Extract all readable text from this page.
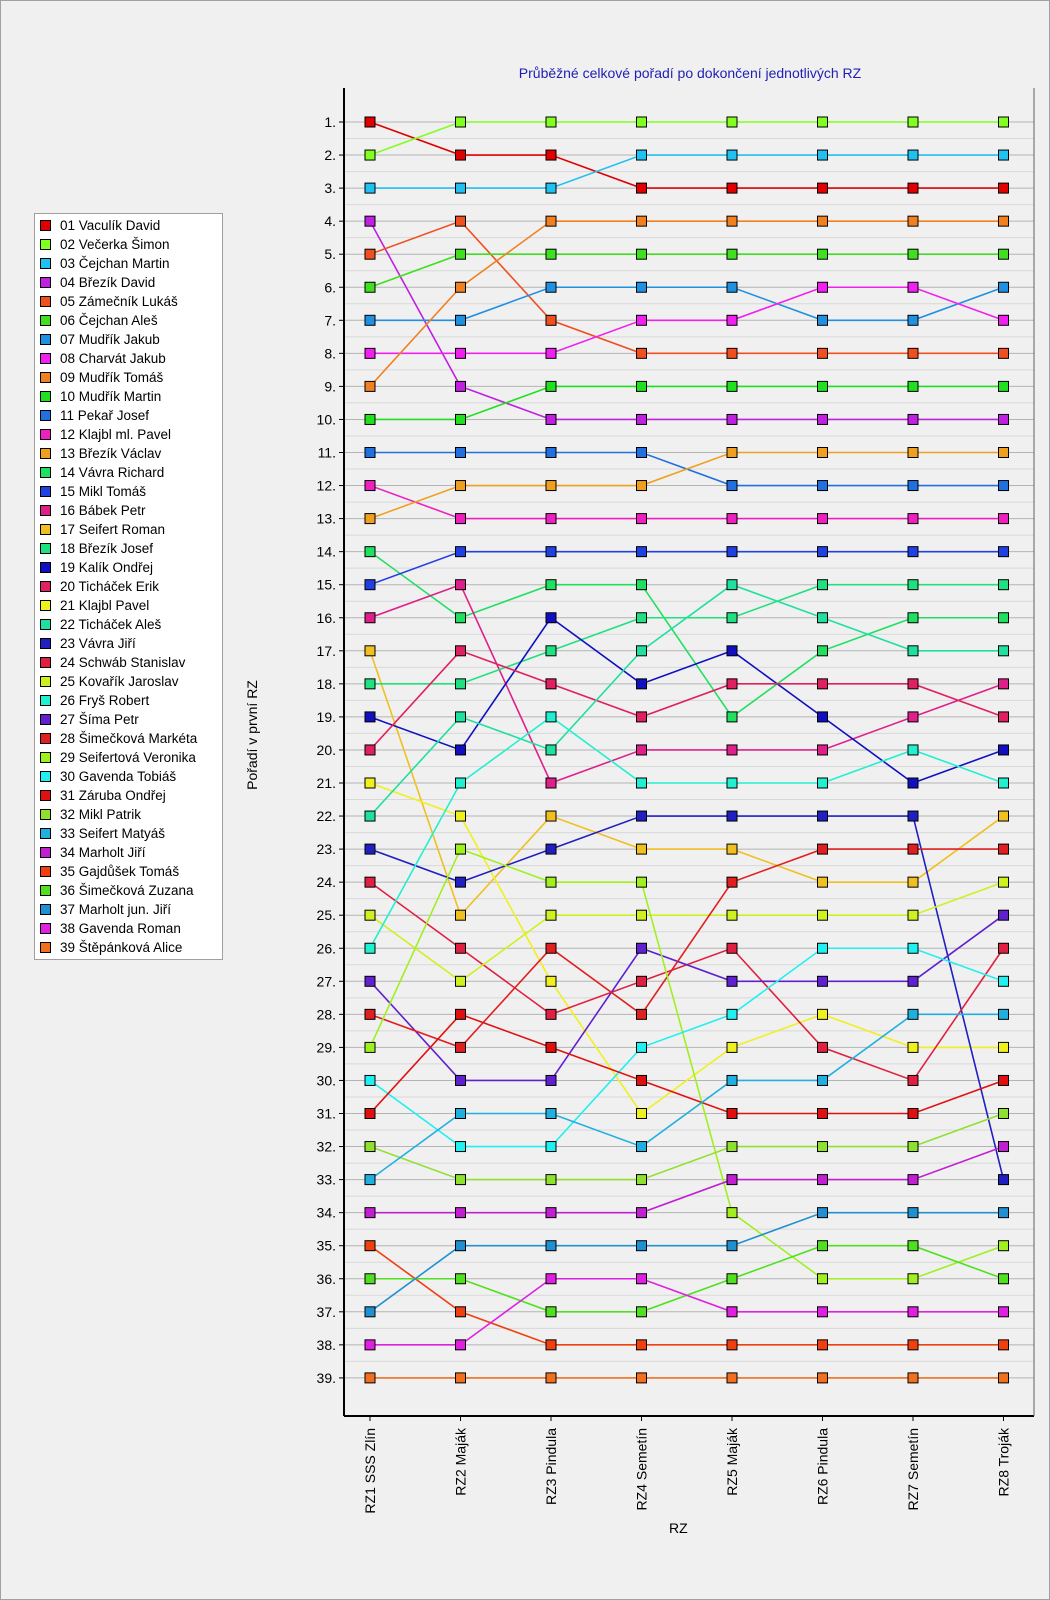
1.
2.
3.
4.
5.
6.
7.
8.
9.
10.
11.
12.
13.
14.
15.
16.
17.
18.
19.
20.
21.
22.
23.
24.
25.
26.
27.
28.
29.
30.
31.
32.
33.
34.
35.
36.
37.
38.
39.
RZ1 SSS Zlín	RZ2 Maják	RZ3 Pindula	RZ4 Semetín	RZ5 Maják	RZ6 Pindula	RZ7 Semetín	RZ8 Troják
Průběžné celkové pořadí po dokončení jednotlivých RZ
Pořadí v první RZ
RZ
01 Vaculík David
02 Večerka Šimon
03 Čejchan Martin
04 Březík David
05 Zámečník Lukáš
06 Čejchan Aleš
07 Mudřík Jakub
08 Charvát Jakub
09 Mudřík Tomáš
10 Mudřík Martin
11 Pekař Josef
12 Klajbl ml. Pavel
13 Březík Václav
14 Vávra Richard
15 Mikl Tomáš
16 Bábek Petr
17 Seifert Roman
18 Březík Josef
19 Kalík Ondřej
20 Ticháček Erik
21 Klajbl Pavel
22 Ticháček Aleš
23 Vávra Jiří
24 Schwáb Stanislav
25 Kovařík Jaroslav
26 Fryš Robert
27 Šíma Petr
28 Šimečková Markéta
29 Seifertová Veronika
30 Gavenda Tobiáš
31 Záruba Ondřej
32 Mikl Patrik
33 Seifert Matyáš
34 Marholt Jiří
35 Gajdůšek Tomáš
36 Šimečková Zuzana
37 Marholt jun. Jiří
38 Gavenda Roman
39 Štěpánková Alice
